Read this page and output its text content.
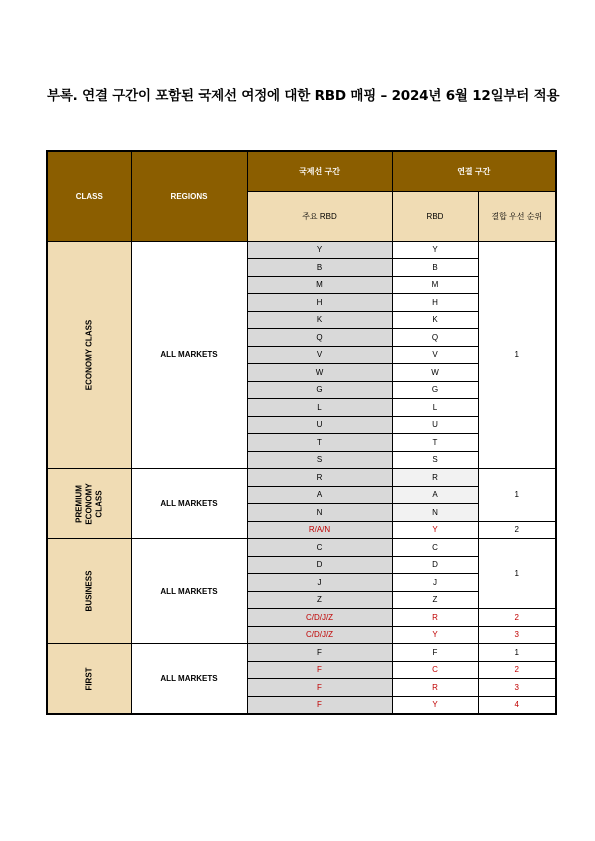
부록. 연결 구간이 포함된 국제선 여정에 대한 RBD 매핑 – 2024년 6월 12일부터 적용
CLASS	REGIONS	국제선 구간	연결 구간	
		주요 RBD	RBD	결합 우선 순위
ECONOMY CLASS	ALL MARKETS	Y	Y	1
		B	B	
		M	M	
		H	H	
		K	K	
		Q	Q	
		V	V	
		W	W	
		G	G	
		L	L	
		U	U	
		T	T	
		S	S	
PREMIUM
ECONOMY
CLASS	ALL MARKETS	R	R	1
		A	A	
		N	N	
		R/A/N	Y	2
BUSINESS	ALL MARKETS	C	C	1
		D	D	
		J	J	
		Z	Z	
		C/D/J/Z	R	2
		C/D/J/Z	Y	3
FIRST	ALL MARKETS	F	F	1
		F	C	2
		F	R	3
		F	Y	4
